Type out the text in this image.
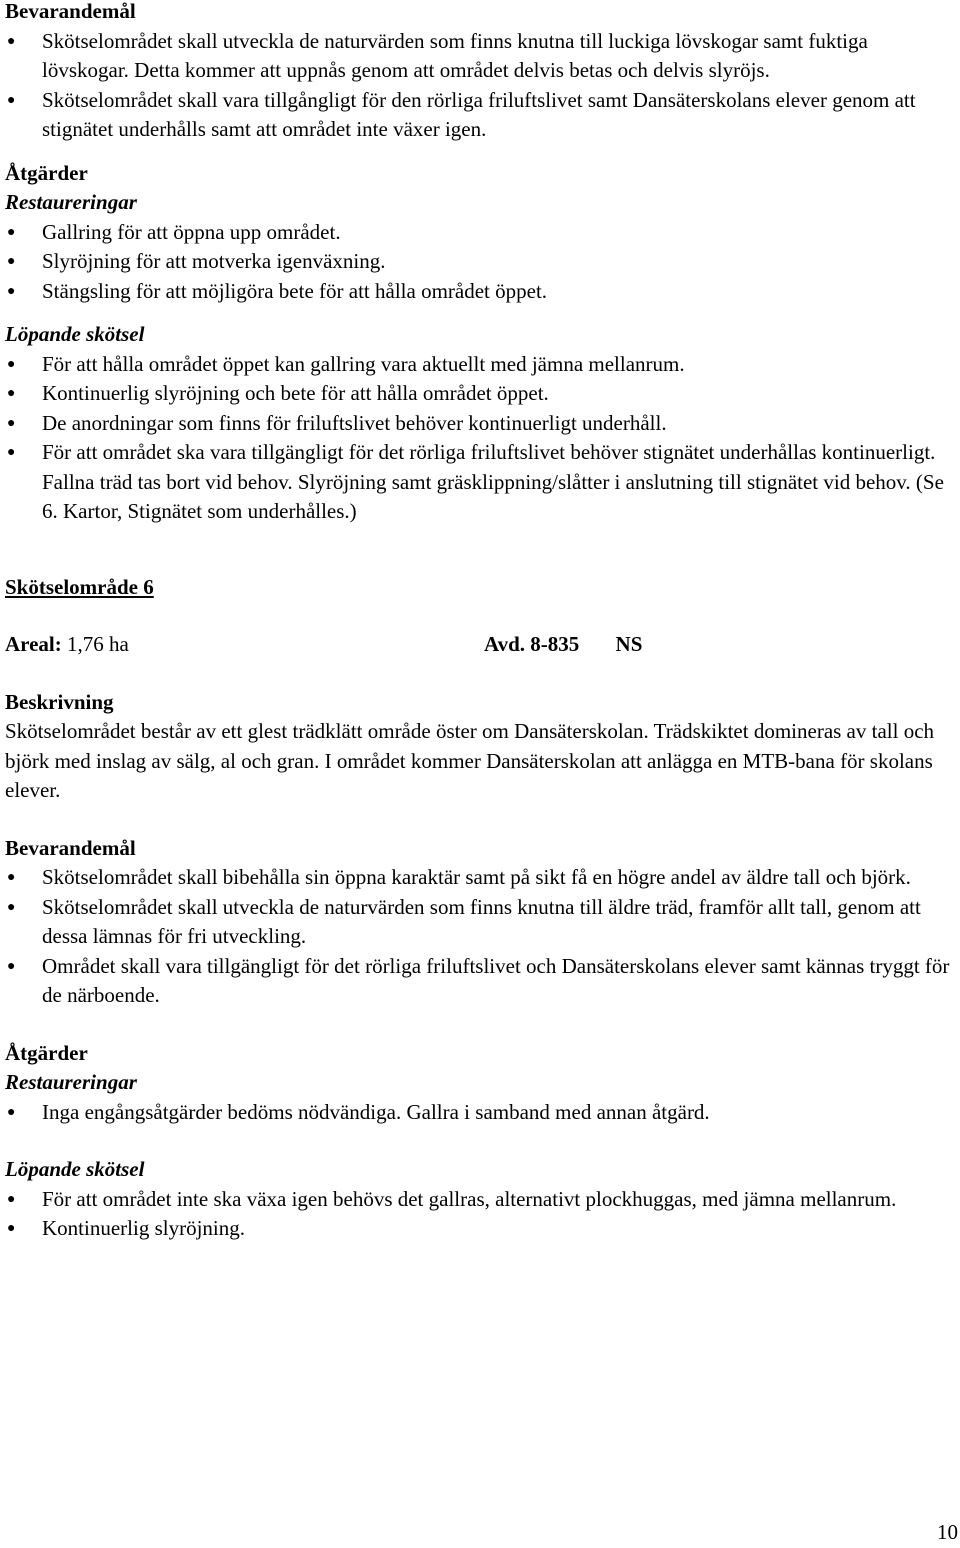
Bevarandemål

● Skötselområdet skall utveckla de naturvärden som finns knutna till luckiga lövskogar samt fuktiga lövskogar. Detta kommer att uppnås genom att området delvis betas och delvis slyröjs.
● Skötselområdet skall vara tillgångligt för den rörliga friluftslivet samt Dansäterskolans elever genom att stignätet underhålls samt att området inte växer igen.

Åtgärder

Restaureringar

● Gallring för att öppna upp området.
● Slyröjning för att motverka igenväxning.
● Stängsling för att möjligöra bete för att hålla området öppet.

Löpande skötsel

● För att hålla området öppet kan gallring vara aktuellt med jämna mellanrum.
● Kontinuerlig slyröjning och bete för att hålla området öppet.
● De anordningar som finns för friluftslivet behöver kontinuerligt underhåll.
● För att området ska vara tillgängligt för det rörliga friluftslivet behöver stignätet underhållas kontinuerligt. Fallna träd tas bort vid behov. Slyröjning samt gräsklippning/slåtter i anslutning till stignätet vid behov. (Se 6. Kartor, Stignätet som underhålles.)

Skötselområde 6

Areal: 1,76 ha	Avd. 8-835 NS

Beskrivning

Skötselområdet består av ett glest trädklätt område öster om Dansäterskolan. Trädskiktet domineras av tall och björk med inslag av sälg, al och gran. I området kommer Dansäterskolan att anlägga en MTB-bana för skolans elever.

Bevarandemål

● Skötselområdet skall bibehålla sin öppna karaktär samt på sikt få en högre andel av äldre tall och björk.
● Skötselområdet skall utveckla de naturvärden som finns knutna till äldre träd, framför allt tall, genom att dessa lämnas för fri utveckling.
● Området skall vara tillgängligt för det rörliga friluftslivet och Dansäterskolans elever samt kännas tryggt för de närboende.

Åtgärder

Restaureringar

● Inga engångsåtgärder bedöms nödvändiga. Gallra i samband med annan åtgärd.

Löpande skötsel

● För att området inte ska växa igen behövs det gallras, alternativt plockhuggas, med jämna mellanrum.
● Kontinuerlig slyröjning.
10
